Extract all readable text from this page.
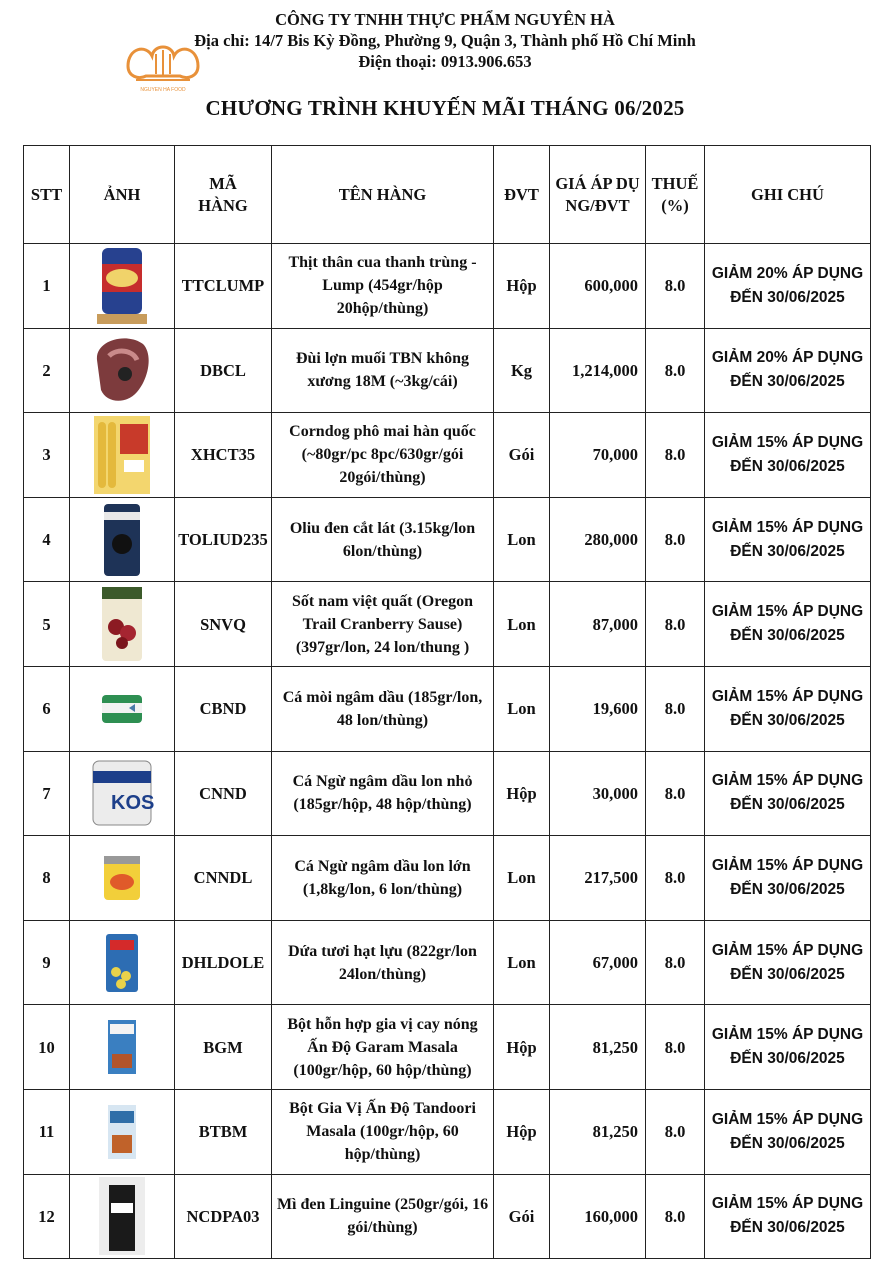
NGUYEN HA FOOD
CÔNG TY TNHH THỰC PHẨM NGUYÊN HÀ
Địa chỉ: 14/7 Bis Kỳ Đồng, Phường 9, Quận 3, Thành phố Hồ Chí Minh
Điện thoại: 0913.906.653
CHƯƠNG TRÌNH KHUYẾN MÃI THÁNG 06/2025
STT	ẢNH	MÃ HÀNG	TÊN HÀNG	ĐVT	GIÁ ÁP DỤNG/ĐVT	THUẾ (%)	GHI CHÚ
1		TTCLUMP	Thịt thân cua thanh trùng - Lump (454gr/hộp 20hộp/thùng)	Hộp	600,000	8.0	GIẢM 20% ÁP DỤNG ĐẾN 30/06/2025
2		DBCL	Đùi lợn muối TBN không xương 18M (~3kg/cái)	Kg	1,214,000	8.0	GIẢM 20% ÁP DỤNG ĐẾN 30/06/2025
3		XHCT35	Corndog phô mai hàn quốc (~80gr/pc 8pc/630gr/gói 20gói/thùng)	Gói	70,000	8.0	GIẢM 15% ÁP DỤNG ĐẾN 30/06/2025
4		TOLIUD235	Oliu đen cắt lát (3.15kg/lon 6lon/thùng)	Lon	280,000	8.0	GIẢM 15% ÁP DỤNG ĐẾN 30/06/2025
5		SNVQ	Sốt nam việt quất (Oregon Trail Cranberry Sause) (397gr/lon, 24 lon/thung )	Lon	87,000	8.0	GIẢM 15% ÁP DỤNG ĐẾN 30/06/2025
6		CBND	Cá mòi ngâm dầu (185gr/lon, 48 lon/thùng)	Lon	19,600	8.0	GIẢM 15% ÁP DỤNG ĐẾN 30/06/2025
7	KOS	CNND	Cá Ngừ ngâm dầu lon nhỏ (185gr/hộp, 48 hộp/thùng)	Hộp	30,000	8.0	GIẢM 15% ÁP DỤNG ĐẾN 30/06/2025
8		CNNDL	Cá Ngừ ngâm dầu lon lớn (1,8kg/lon, 6 lon/thùng)	Lon	217,500	8.0	GIẢM 15% ÁP DỤNG ĐẾN 30/06/2025
9		DHLDOLE	Dứa tươi hạt lựu (822gr/lon 24lon/thùng)	Lon	67,000	8.0	GIẢM 15% ÁP DỤNG ĐẾN 30/06/2025
10		BGM	Bột hỗn hợp gia vị cay nóng Ấn Độ Garam Masala (100gr/hộp, 60 hộp/thùng)	Hộp	81,250	8.0	GIẢM 15% ÁP DỤNG ĐẾN 30/06/2025
11		BTBM	Bột Gia Vị Ấn Độ Tandoori Masala (100gr/hộp, 60 hộp/thùng)	Hộp	81,250	8.0	GIẢM 15% ÁP DỤNG ĐẾN 30/06/2025
12		NCDPA03	Mì đen Linguine (250gr/gói, 16 gói/thùng)	Gói	160,000	8.0	GIẢM 15% ÁP DỤNG ĐẾN 30/06/2025
